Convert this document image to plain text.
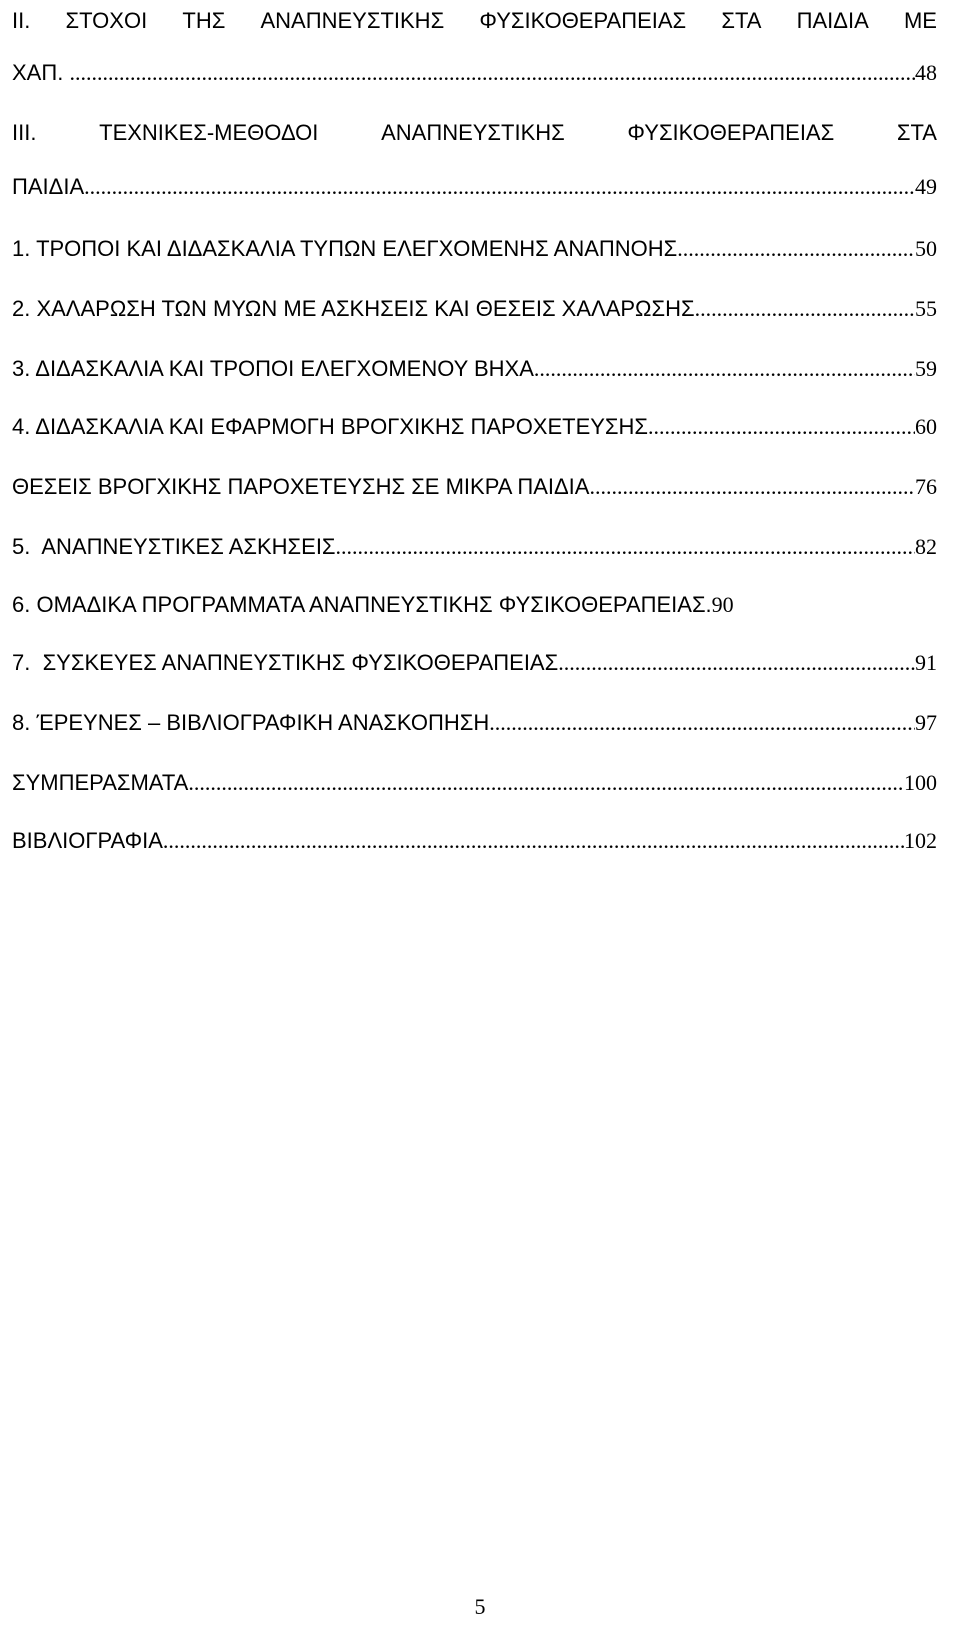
II. ΣΤΟΧΟΙ ΤΗΣ ΑΝΑΠΝΕΥΣΤΙΚΗΣ ΦΥΣΙΚΟΘΕΡΑΠΕΙΑΣ ΣΤΑ ΠΑΙΔΙΑ ΜΕ
ΧΑΠ. .....	48
III.	ΤΕΧΝΙΚΕΣ-ΜΕΘΟΔΟΙ	ΑΝΑΠΝΕΥΣΤΙΚΗΣ	ΦΥΣΙΚΟΘΕΡΑΠΕΙΑΣ	ΣΤΑ
ΠΑΙΔΙΑ .....	49
1. ΤΡΟΠΟΙ ΚΑΙ ΔΙΔΑΣΚΑΛΙΑ ΤΥΠΩΝ ΕΛΕΓΧΟΜΕΝΗΣ ΑΝΑΠΝΟΗΣ .....	50
2. ΧΑΛΑΡΩΣΗ ΤΩΝ ΜΥΩΝ ΜΕ ΑΣΚΗΣΕΙΣ ΚΑΙ ΘΕΣΕΙΣ ΧΑΛΑΡΩΣΗΣ .....	55
3. ΔΙΔΑΣΚΑΛΙΑ ΚΑΙ ΤΡΟΠΟΙ ΕΛΕΓΧΟΜΕΝΟΥ ΒΗΧΑ .....	59
4. ΔΙΔΑΣΚΑΛΙΑ ΚΑΙ ΕΦΑΡΜΟΓΗ ΒΡΟΓΧΙΚΗΣ ΠΑΡΟΧΕΤΕΥΣΗΣ .....	60
ΘΕΣΕΙΣ ΒΡΟΓΧΙΚΗΣ ΠΑΡΟΧΕΤΕΥΣΗΣ ΣΕ ΜΙΚΡΑ ΠΑΙΔΙΑ .....	76
5.  ΑΝΑΠΝΕΥΣΤΙΚΕΣ ΑΣΚΗΣΕΙΣ .....	82
6. ΟΜΑΔΙΚΑ ΠΡΟΓΡΑΜΜΑΤΑ ΑΝΑΠΝΕΥΣΤΙΚΗΣ ΦΥΣΙΚΟΘΕΡΑΠΕΙΑΣ. 90
7.  ΣΥΣΚΕΥΕΣ ΑΝΑΠΝΕΥΣΤΙΚΗΣ ΦΥΣΙΚΟΘΕΡΑΠΕΙΑΣ .....	91
8. ΈΡΕΥΝΕΣ – ΒΙΒΛΙΟΓΡΑΦΙΚΗ ΑΝΑΣΚΟΠΗΣΗ .....	97
ΣΥΜΠΕΡΑΣΜΑΤΑ .....	100
ΒΙΒΛΙΟΓΡΑΦΙΑ .....	102
5
